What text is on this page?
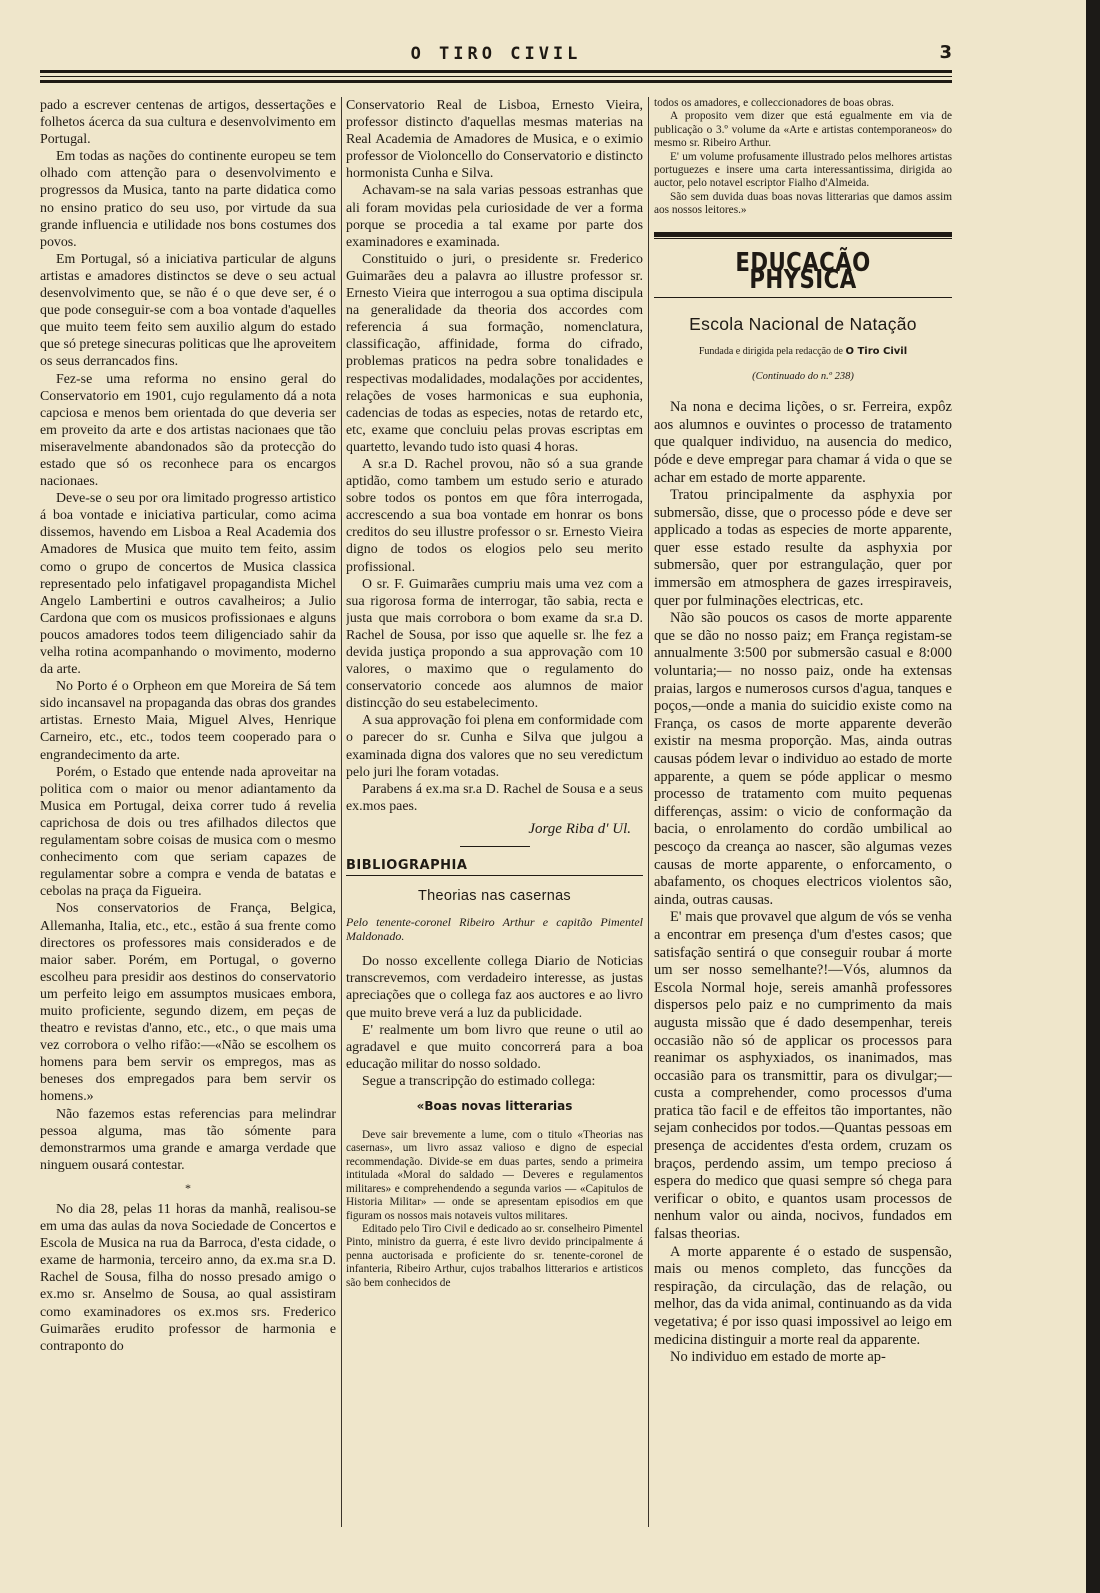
O TIRO CIVIL	3

pado a escrever centenas de artigos, dessertações e folhetos ácerca da sua cultura e desenvolvimento em Portugal.

Em todas as nações do continente europeu se tem olhado com attenção para o desenvolvimento e progressos da Musica, tanto na parte didatica como no ensino pratico do seu uso, por virtude da sua grande influencia e utilidade nos bons costumes dos povos.

Em Portugal, só a iniciativa particular de alguns artistas e amadores distinctos se deve o seu actual desenvolvimento que, se não é o que deve ser, é o que pode conseguir-se com a boa vontade d'aquelles que muito teem feito sem auxilio algum do estado que só pretege sinecuras politicas que lhe aproveitem os seus derrancados fins.

Fez-se uma reforma no ensino geral do Conservatorio em 1901, cujo regulamento dá a nota capciosa e menos bem orientada do que deveria ser em proveito da arte e dos artistas nacionaes que tão miseravelmente abandonados são da protecção do estado que só os reconhece para os encargos nacionaes.

Deve-se o seu por ora limitado progresso artistico á boa vontade e iniciativa particular, como acima dissemos, havendo em Lisboa a Real Academia dos Amadores de Musica que muito tem feito, assim como o grupo de concertos de Musica classica representado pelo infatigavel propagandista Michel Angelo Lambertini e outros cavalheiros; a Julio Cardona que com os musicos profissionaes e alguns poucos amadores todos teem diligenciado sahir da velha rotina acompanhando o movimento, moderno da arte.

No Porto é o Orpheon em que Moreira de Sá tem sido incansavel na propaganda das obras dos grandes artistas. Ernesto Maia, Miguel Alves, Henrique Carneiro, etc., etc., todos teem cooperado para o engrandecimento da arte.

Porém, o Estado que entende nada aproveitar na politica com o maior ou menor adiantamento da Musica em Portugal, deixa correr tudo á revelia caprichosa de dois ou tres afilhados dilectos que regulamentam sobre coisas de musica com o mesmo conhecimento com que seriam capazes de regulamentar sobre a compra e venda de batatas e cebolas na praça da Figueira.

Nos conservatorios de França, Belgica, Allemanha, Italia, etc., etc., estão á sua frente como directores os professores mais considerados e de maior saber. Porém, em Portugal, o governo escolheu para presidir aos destinos do conservatorio um perfeito leigo em assumptos musicaes embora, muito proficiente, segundo dizem, em peças de theatro e revistas d'anno, etc., etc., o que mais uma vez corrobora o velho rifão:—«Não se escolhem os homens para bem servir os empregos, mas as beneses dos empregados para bem servir os homens.»

Não fazemos estas referencias para melindrar pessoa alguma, mas tão sómente para demonstrarmos uma grande e amarga verdade que ninguem ousará contestar.

*

No dia 28, pelas 11 horas da manhã, realisou-se em uma das aulas da nova Sociedade de Concertos e Escola de Musica na rua da Barroca, d'esta cidade, o exame de harmonia, terceiro anno, da ex.ma sr.a D. Rachel de Sousa, filha do nosso presado amigo o ex.mo sr. Anselmo de Sousa, ao qual assistiram como examinadores os ex.mos srs. Frederico Guimarães erudito professor de harmonia e contraponto do

Conservatorio Real de Lisboa, Ernesto Vieira, professor distincto d'aquellas mesmas materias na Real Academia de Amadores de Musica, e o eximio professor de Violoncello do Conservatorio e distincto hormonista Cunha e Silva.

Achavam-se na sala varias pessoas estranhas que ali foram movidas pela curiosidade de ver a forma porque se procedia a tal exame por parte dos examinadores e examinada.

Constituido o juri, o presidente sr. Frederico Guimarães deu a palavra ao illustre professor sr. Ernesto Vieira que interrogou a sua optima discipula na generalidade da theoria dos accordes com referencia á sua formação, nomenclatura, classificação, affinidade, forma do cifrado, problemas praticos na pedra sobre tonalidades e respectivas modalidades, modalações por accidentes, relações de voses harmonicas e sua euphonia, cadencias de todas as especies, notas de retardo etc, etc, exame que concluiu pelas provas escriptas em quartetto, levando tudo isto quasi 4 horas.

A sr.a D. Rachel provou, não só a sua grande aptidão, como tambem um estudo serio e aturado sobre todos os pontos em que fôra interrogada, accrescendo a sua boa vontade em honrar os bons creditos do seu illustre professor o sr. Ernesto Vieira digno de todos os elogios pelo seu merito profissional.

O sr. F. Guimarães cumpriu mais uma vez com a sua rigorosa forma de interrogar, tão sabia, recta e justa que mais corrobora o bom exame da sr.a D. Rachel de Sousa, por isso que aquelle sr. lhe fez a devida justiça propondo a sua approvação com 10 valores, o maximo que o regulamento do conservatorio concede aos alumnos de maior distincção do seu estabelecimento.

A sua approvação foi plena em conformidade com o parecer do sr. Cunha e Silva que julgou a examinada digna dos valores que no seu veredictum pelo juri lhe foram votadas.

Parabens á ex.ma sr.a D. Rachel de Sousa e a seus ex.mos paes.

Jorge Riba d' Ul.
BIBLIOGRAPHIA
Theorias nas casernas
Pelo tenente-coronel Ribeiro Arthur e capitão Pimentel Maldonado.

Do nosso excellente collega Diario de Noticias transcrevemos, com verdadeiro interesse, as justas apreciações que o collega faz aos auctores e ao livro que muito breve verá a luz da publicidade.

E' realmente um bom livro que reune o util ao agradavel e que muito concorrerá para a boa educação militar do nosso soldado.

Segue a transcripção do estimado collega:

«Boas novas litterarias

Deve sair brevemente a lume, com o titulo «Theorias nas casernas», um livro assaz valioso e digno de especial recommendação. Divide-se em duas partes, sendo a primeira intitulada «Moral do saldado — Deveres e regulamentos militares» e comprehendendo a segunda varios — «Capitulos de Historia Militar» — onde se apresentam episodios em que figuram os nossos mais notaveis vultos militares.

Editado pelo Tiro Civil e dedicado ao sr. conselheiro Pimentel Pinto, ministro da guerra, é este livro devido principalmente á penna auctorisada e proficiente do sr. tenente-coronel de infanteria, Ribeiro Arthur, cujos trabalhos litterarios e artisticos são bem conhecidos de

todos os amadores, e colleccionadores de boas obras.

A proposito vem dizer que está egualmente em via de publicação o 3.º volume da «Arte e artistas contemporaneos» do mesmo sr. Ribeiro Arthur.

E' um volume profusamente illustrado pelos melhores artistas portuguezes e insere uma carta interessantissima, dirigida ao auctor, pelo notavel escriptor Fialho d'Almeida.

São sem duvida duas boas novas litterarias que damos assim aos nossos leitores.»

EDUCAÇÃO PHYSICA
Escola Nacional de Natação
Fundada e dirigida pela redacção de O Tiro Civil
(Continuado do n.º 238)

Na nona e decima lições, o sr. Ferreira, expôz aos alumnos e ouvintes o processo de tratamento que qualquer individuo, na ausencia do medico, póde e deve empregar para chamar á vida o que se achar em estado de morte apparente.

Tratou principalmente da asphyxia por submersão, disse, que o processo póde e deve ser applicado a todas as especies de morte apparente, quer esse estado resulte da asphyxia por submersão, quer por estrangulação, quer por immersão em atmosphera de gazes irrespiraveis, quer por fulminações electricas, etc.

Não são poucos os casos de morte apparente que se dão no nosso paiz; em França registam-se annualmente 3:500 por submersão casual e 8:000 voluntaria;— no nosso paiz, onde ha extensas praias, largos e numerosos cursos d'agua, tanques e poços,—onde a mania do suicidio existe como na França, os casos de morte apparente deverão existir na mesma proporção. Mas, ainda outras causas pódem levar o individuo ao estado de morte apparente, a quem se póde applicar o mesmo processo de tratamento com muito pequenas differenças, assim: o vicio de conformação da bacia, o enrolamento do cordão umbilical ao pescoço da creança ao nascer, são algumas vezes causas de morte apparente, o enforcamento, o abafamento, os choques electricos violentos são, ainda, outras causas.

E' mais que provavel que algum de vós se venha a encontrar em presença d'um d'estes casos; que satisfação sentirá o que conseguir roubar á morte um ser nosso semelhante?!—Vós, alumnos da Escola Normal hoje, sereis amanhã professores dispersos pelo paiz e no cumprimento da mais augusta missão que é dado desempenhar, tereis occasião não só de applicar os processos para reanimar os asphyxiados, os inanimados, mas occasião para os transmittir, para os divulgar;— custa a comprehender, como processos d'uma pratica tão facil e de effeitos tão importantes, não sejam conhecidos por todos.—Quantas pessoas em presença de accidentes d'esta ordem, cruzam os braços, perdendo assim, um tempo precioso á espera do medico que quasi sempre só chega para verificar o obito, e quantos usam processos de nenhum valor ou ainda, nocivos, fundados em falsas theorias.

A morte apparente é o estado de suspensão, mais ou menos completo, das funcções da respiração, da circulação, das de relação, ou melhor, das da vida animal, continuando as da vida vegetativa; é por isso quasi impossivel ao leigo em medicina distinguir a morte real da apparente.

No individuo em estado de morte ap-
